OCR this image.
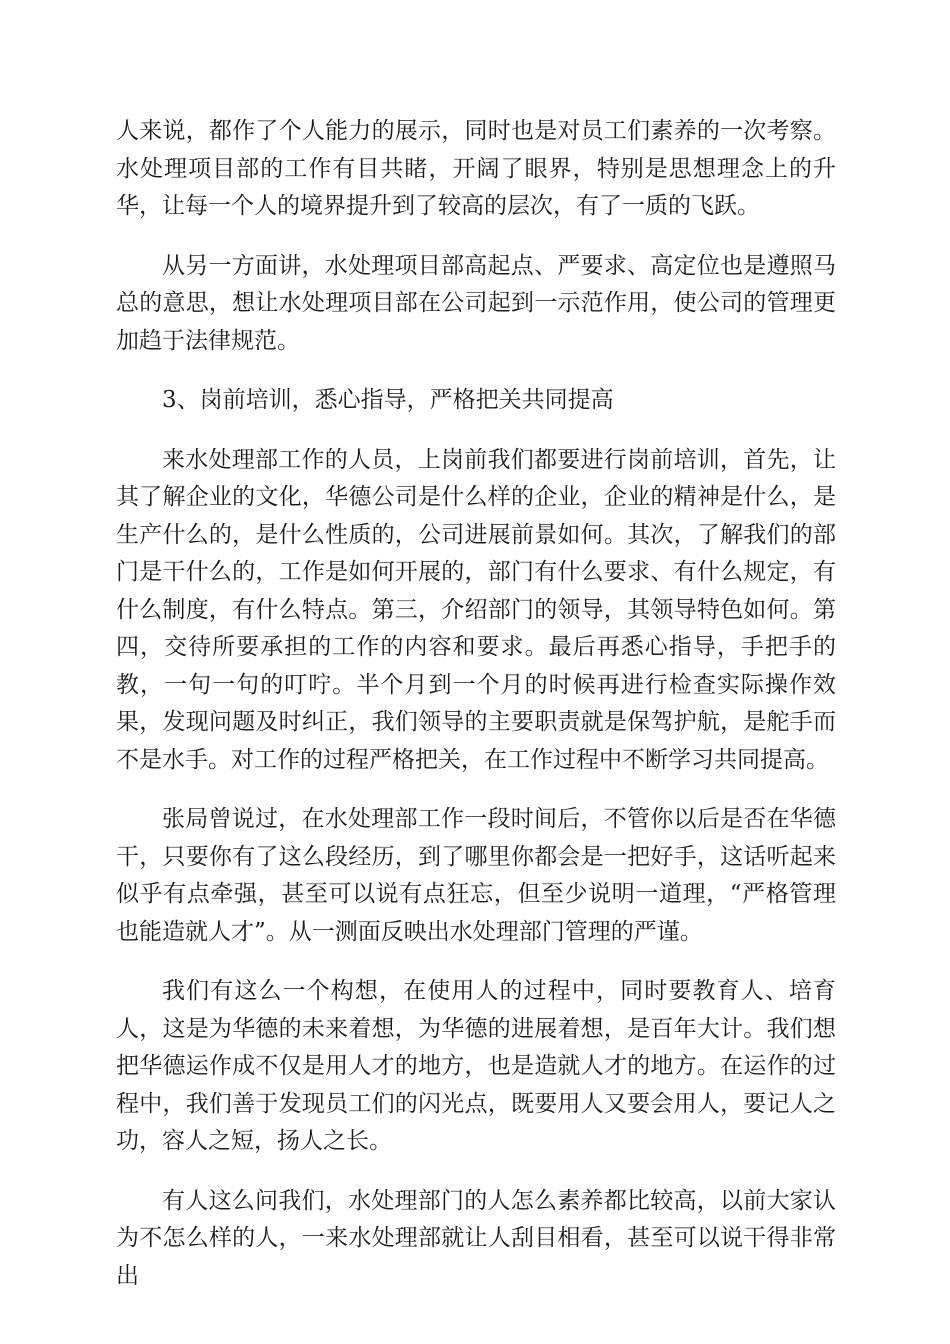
人来说，都作了个人能力的展示，同时也是对员工们素养的一次考察。水处理项目部的工作有目共睹，开阔了眼界，特别是思想理念上的升华，让每一个人的境界提升到了较高的层次，有了一质的飞跃。

从另一方面讲，水处理项目部高起点、严要求、高定位也是遵照马总的意思，想让水处理项目部在公司起到一示范作用，使公司的管理更加趋于法律规范。

3、岗前培训，悉心指导，严格把关共同提高

来水处理部工作的人员，上岗前我们都要进行岗前培训，首先，让其了解企业的文化，华德公司是什么样的企业，企业的精神是什么，是生产什么的，是什么性质的，公司进展前景如何。其次，了解我们的部门是干什么的，工作是如何开展的，部门有什么要求、有什么规定，有什么制度，有什么特点。第三，介绍部门的领导，其领导特色如何。第四，交待所要承担的工作的内容和要求。最后再悉心指导，手把手的教，一句一句的叮咛。半个月到一个月的时候再进行检查实际操作效果，发现问题及时纠正，我们领导的主要职责就是保驾护航，是舵手而不是水手。对工作的过程严格把关，在工作过程中不断学习共同提高。

张局曾说过，在水处理部工作一段时间后，不管你以后是否在华德干，只要你有了这么段经历，到了哪里你都会是一把好手，这话听起来似乎有点牵强，甚至可以说有点狂忘，但至少说明一道理，“严格管理也能造就人才”。从一测面反映出水处理部门管理的严谨。

我们有这么一个构想，在使用人的过程中，同时要教育人、培育人，这是为华德的未来着想，为华德的进展着想，是百年大计。我们想把华德运作成不仅是用人才的地方，也是造就人才的地方。在运作的过程中，我们善于发现员工们的闪光点，既要用人又要会用人，要记人之功，容人之短，扬人之长。

有人这么问我们，水处理部门的人怎么素养都比较高，以前大家认为不怎么样的人，一来水处理部就让人刮目相看，甚至可以说干得非常出
